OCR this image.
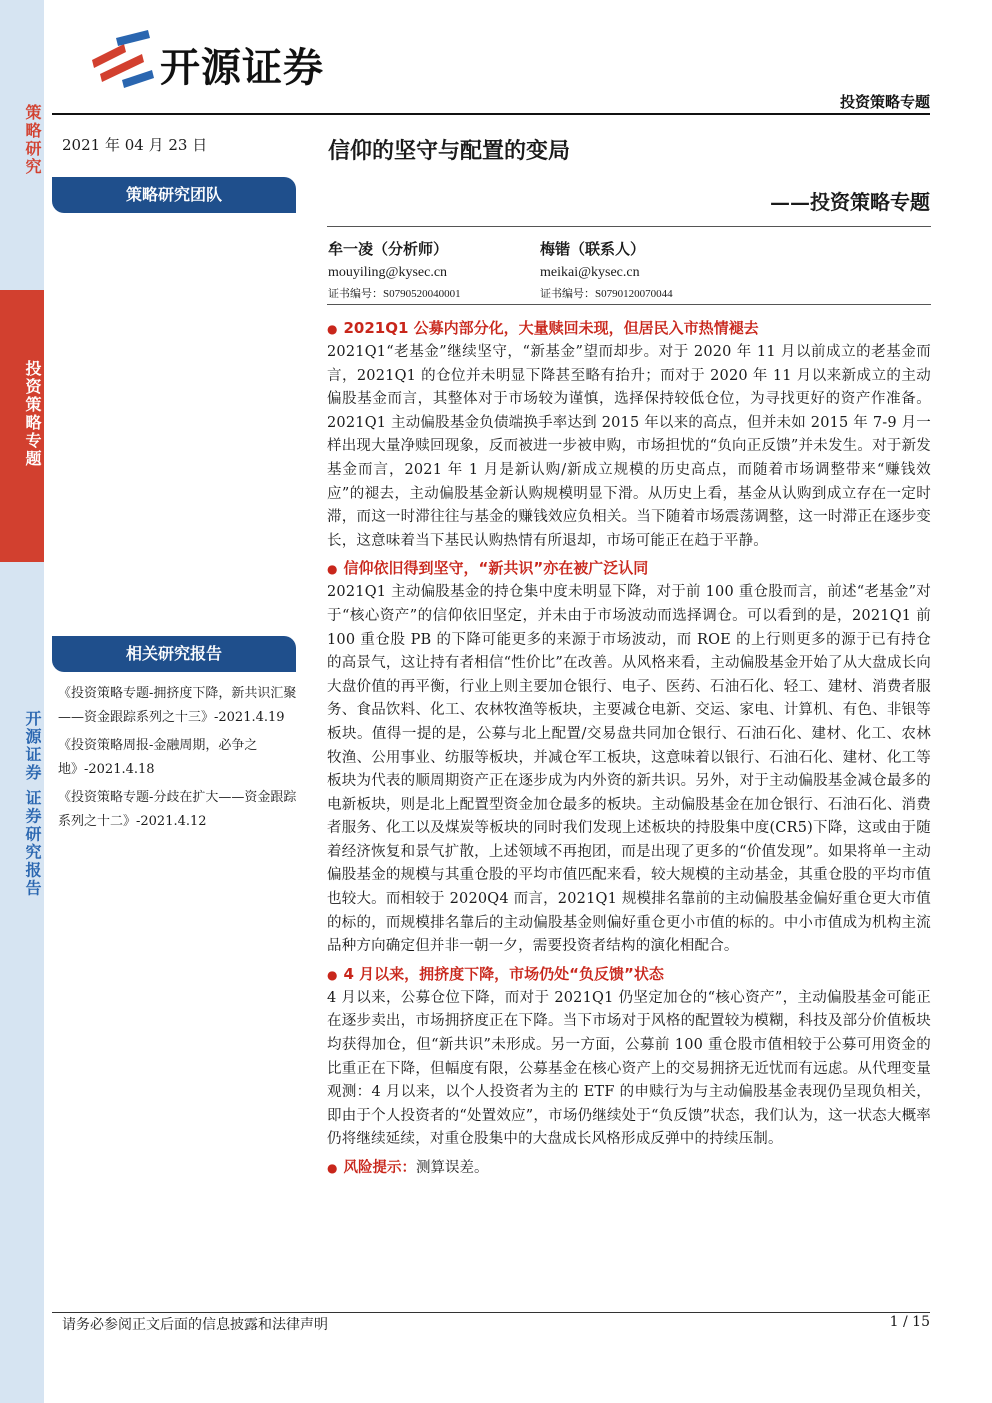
策略研究
投资策略专题
开源证券 证券研究报告
开源证券
投资策略专题
2021 年 04 月 23 日
策略研究团队
信仰的坚守与配置的变局
——投资策略专题
牟一凌（分析师）
mouyiling@kysec.cn
证书编号：S0790520040001
梅锴（联系人）
meikai@kysec.cn
证书编号：S0790120070044
● 2021Q1 公募内部分化，大量赎回未现，但居民入市热情褪去
2021Q1“老基金”继续坚守，“新基金”望而却步。对于 2020 年 11 月以前成立的老基金而言，2021Q1 的仓位并未明显下降甚至略有抬升；而对于 2020 年 11 月以来新成立的主动偏股基金而言，其整体对于市场较为谨慎，选择保持较低仓位，为寻找更好的资产作准备。2021Q1 主动偏股基金负债端换手率达到 2015 年以来的高点，但并未如 2015 年 7-9 月一样出现大量净赎回现象，反而被进一步被申购，市场担忧的“负向正反馈”并未发生。对于新发基金而言，2021 年 1 月是新认购/新成立规模的历史高点，而随着市场调整带来“赚钱效应”的褪去，主动偏股基金新认购规模明显下滑。从历史上看，基金从认购到成立存在一定时滞，而这一时滞往往与基金的赚钱效应负相关。当下随着市场震荡调整，这一时滞正在逐步变长，这意味着当下基民认购热情有所退却，市场可能正在趋于平静。
● 信仰依旧得到坚守，“新共识”亦在被广泛认同
2021Q1 主动偏股基金的持仓集中度未明显下降，对于前 100 重仓股而言，前述“老基金”对于“核心资产”的信仰依旧坚定，并未由于市场波动而选择调仓。可以看到的是，2021Q1 前 100 重仓股 PB 的下降可能更多的来源于市场波动，而 ROE 的上行则更多的源于已有持仓的高景气，这让持有者相信“性价比”在改善。从风格来看，主动偏股基金开始了从大盘成长向大盘价值的再平衡，行业上则主要加仓银行、电子、医药、石油石化、轻工、建材、消费者服务、食品饮料、化工、农林牧渔等板块，主要减仓电新、交运、家电、计算机、有色、非银等板块。值得一提的是，公募与北上配置/交易盘共同加仓银行、石油石化、建材、化工、农林牧渔、公用事业、纺服等板块，并减仓军工板块，这意味着以银行、石油石化、建材、化工等板块为代表的顺周期资产正在逐步成为内外资的新共识。另外，对于主动偏股基金减仓最多的电新板块，则是北上配置型资金加仓最多的板块。主动偏股基金在加仓银行、石油石化、消费者服务、化工以及煤炭等板块的同时我们发现上述板块的持股集中度(CR5)下降，这或由于随着经济恢复和景气扩散，上述领域不再抱团，而是出现了更多的“价值发现”。如果将单一主动偏股基金的规模与其重仓股的平均市值匹配来看，较大规模的主动基金，其重仓股的平均市值也较大。而相较于 2020Q4 而言，2021Q1 规模排名靠前的主动偏股基金偏好重仓更大市值的标的，而规模排名靠后的主动偏股基金则偏好重仓更小市值的标的。中小市值成为机构主流品种方向确定但并非一朝一夕，需要投资者结构的演化相配合。
● 4 月以来，拥挤度下降，市场仍处“负反馈”状态
4 月以来，公募仓位下降，而对于 2021Q1 仍坚定加仓的“核心资产”，主动偏股基金可能正在逐步卖出，市场拥挤度正在下降。当下市场对于风格的配置较为模糊，科技及部分价值板块均获得加仓，但“新共识”未形成。另一方面，公募前 100 重仓股市值相较于公募可用资金的比重正在下降，但幅度有限，公募基金在核心资产上的交易拥挤无近忧而有远虑。从代理变量观测：4 月以来，以个人投资者为主的 ETF 的申赎行为与主动偏股基金表现仍呈现负相关，即由于个人投资者的“处置效应”，市场仍继续处于“负反馈”状态，我们认为，这一状态大概率仍将继续延续，对重仓股集中的大盘成长风格形成反弹中的持续压制。
● 风险提示：测算误差。
相关研究报告
《投资策略专题-拥挤度下降，新共识汇聚——资金跟踪系列之十三》-2021.4.19
《投资策略周报-金融周期，必争之地》-2021.4.18
《投资策略专题-分歧在扩大——资金跟踪系列之十二》-2021.4.12
请务必参阅正文后面的信息披露和法律声明	1 / 15
